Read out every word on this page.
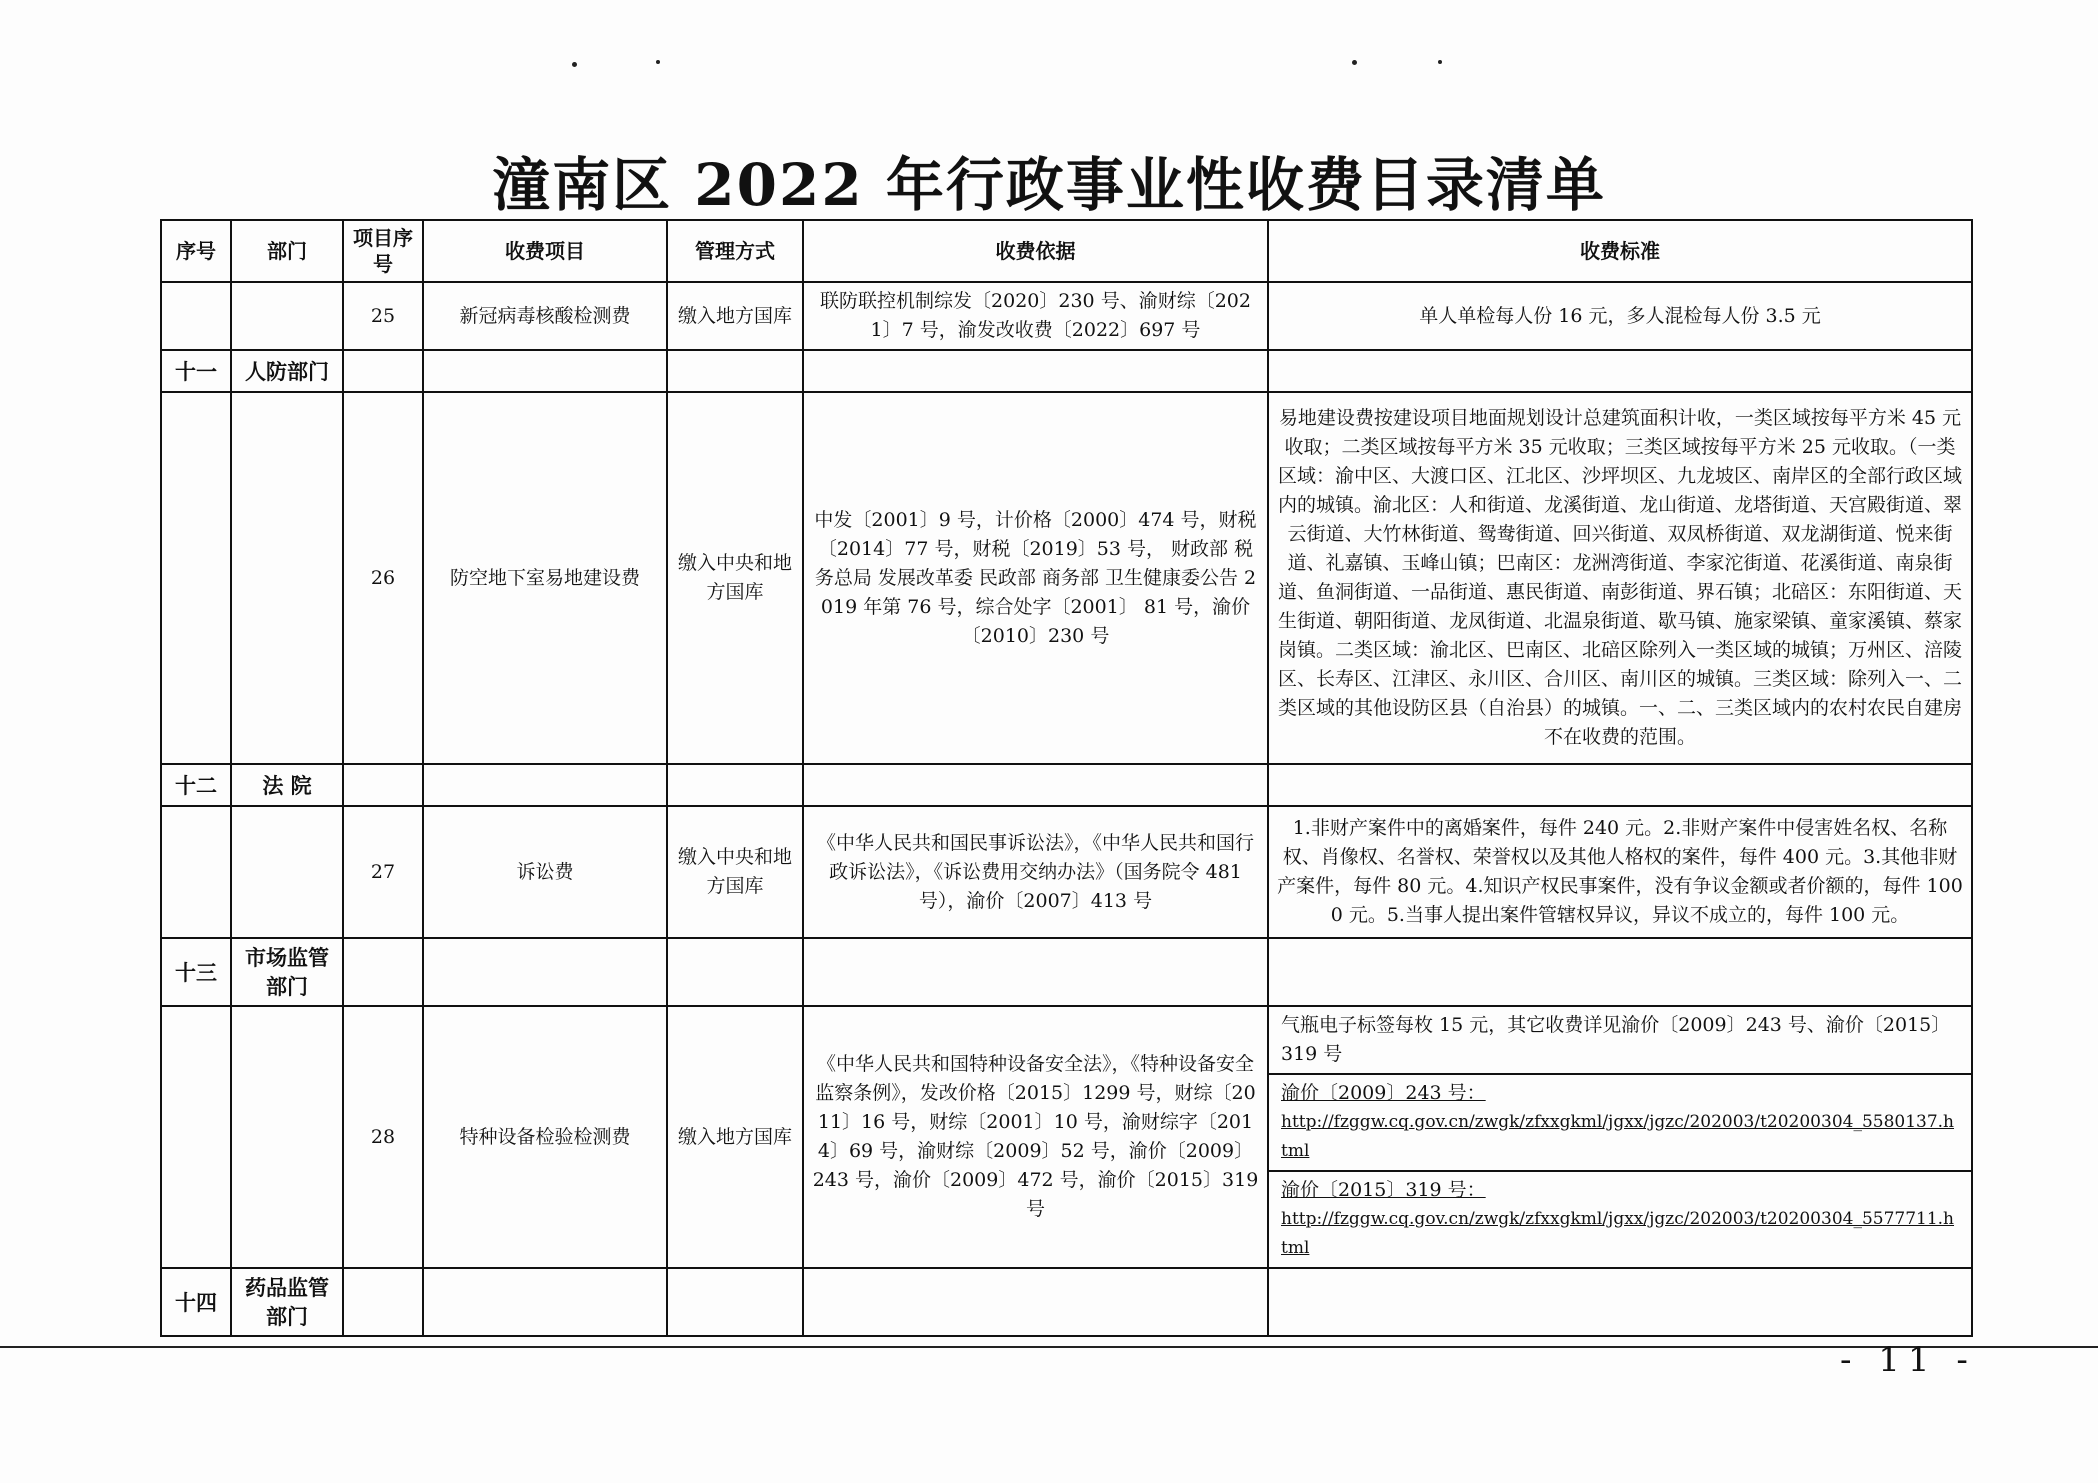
潼南区 2022 年行政事业性收费目录清单
序号	部门	项目序号	收费项目	管理方式	收费依据	收费标准
		25	新冠病毒核酸检测费	缴入地方国库	联防联控机制综发〔2020〕230 号、渝财综〔2021〕7 号，渝发改收费〔2022〕697 号	单人单检每人份 16 元，多人混检每人份 3.5 元
十一	人防部门					
		26	防空地下室易地建设费	缴入中央和地方国库	中发〔2001〕9 号，计价格〔2000〕474 号，财税〔2014〕77 号，财税〔2019〕53 号， 财政部 税务总局 发展改革委 民政部 商务部 卫生健康委公告 2019 年第 76 号，综合处字〔2001〕 81 号，渝价〔2010〕230 号	易地建设费按建设项目地面规划设计总建筑面积计收，一类区域按每平方米 45 元收取；二类区域按每平方米 35 元收取；三类区域按每平方米 25 元收取。（一类区域：渝中区、大渡口区、江北区、沙坪坝区、九龙坡区、南岸区的全部行政区域内的城镇。渝北区：人和街道、龙溪街道、龙山街道、龙塔街道、天宫殿街道、翠云街道、大竹林街道、鸳鸯街道、回兴街道、双凤桥街道、双龙湖街道、悦来街道、礼嘉镇、玉峰山镇；巴南区：龙洲湾街道、李家沱街道、花溪街道、南泉街道、鱼洞街道、一品街道、惠民街道、南彭街道、界石镇；北碚区：东阳街道、天生街道、朝阳街道、龙凤街道、北温泉街道、歇马镇、施家梁镇、童家溪镇、蔡家岗镇。二类区域：渝北区、巴南区、北碚区除列入一类区域的城镇；万州区、涪陵区、长寿区、江津区、永川区、合川区、南川区的城镇。三类区域：除列入一、二类区域的其他设防区县（自治县）的城镇。一、二、三类区域内的农村农民自建房不在收费的范围。
十二	法 院					
		27	诉讼费	缴入中央和地方国库	《中华人民共和国民事诉讼法》，《中华人民共和国行政诉讼法》，《诉讼费用交纳办法》（国务院令 481 号），渝价〔2007〕413 号	1.非财产案件中的离婚案件，每件 240 元。2.非财产案件中侵害姓名权、名称权、肖像权、名誉权、荣誉权以及其他人格权的案件，每件 400 元。3.其他非财产案件，每件 80 元。4.知识产权民事案件，没有争议金额或者价额的，每件 1000 元。5.当事人提出案件管辖权异议，异议不成立的，每件 100 元。
十三	市场监管部门					
		28	特种设备检验检测费	缴入地方国库	《中华人民共和国特种设备安全法》，《特种设备安全监察条例》，发改价格〔2015〕1299 号，财综〔2011〕16 号，财综〔2001〕10 号，渝财综字〔2014〕69 号，渝财综〔2009〕52 号，渝价〔2009〕243 号，渝价〔2009〕472 号，渝价〔2015〕319 号	气瓶电子标签每枚 15 元，其它收费详见渝价〔2009〕243 号、渝价〔2015〕319 号
渝价〔2009〕243 号：
http://fzggw.cq.gov.cn/zwgk/zfxxgkml/jgxx/jgzc/202003/t20200304_5580137.html
渝价〔2015〕319 号：
http://fzggw.cq.gov.cn/zwgk/zfxxgkml/jgxx/jgzc/202003/t20200304_5577711.html

十四	药品监管部门					
- 11 -
